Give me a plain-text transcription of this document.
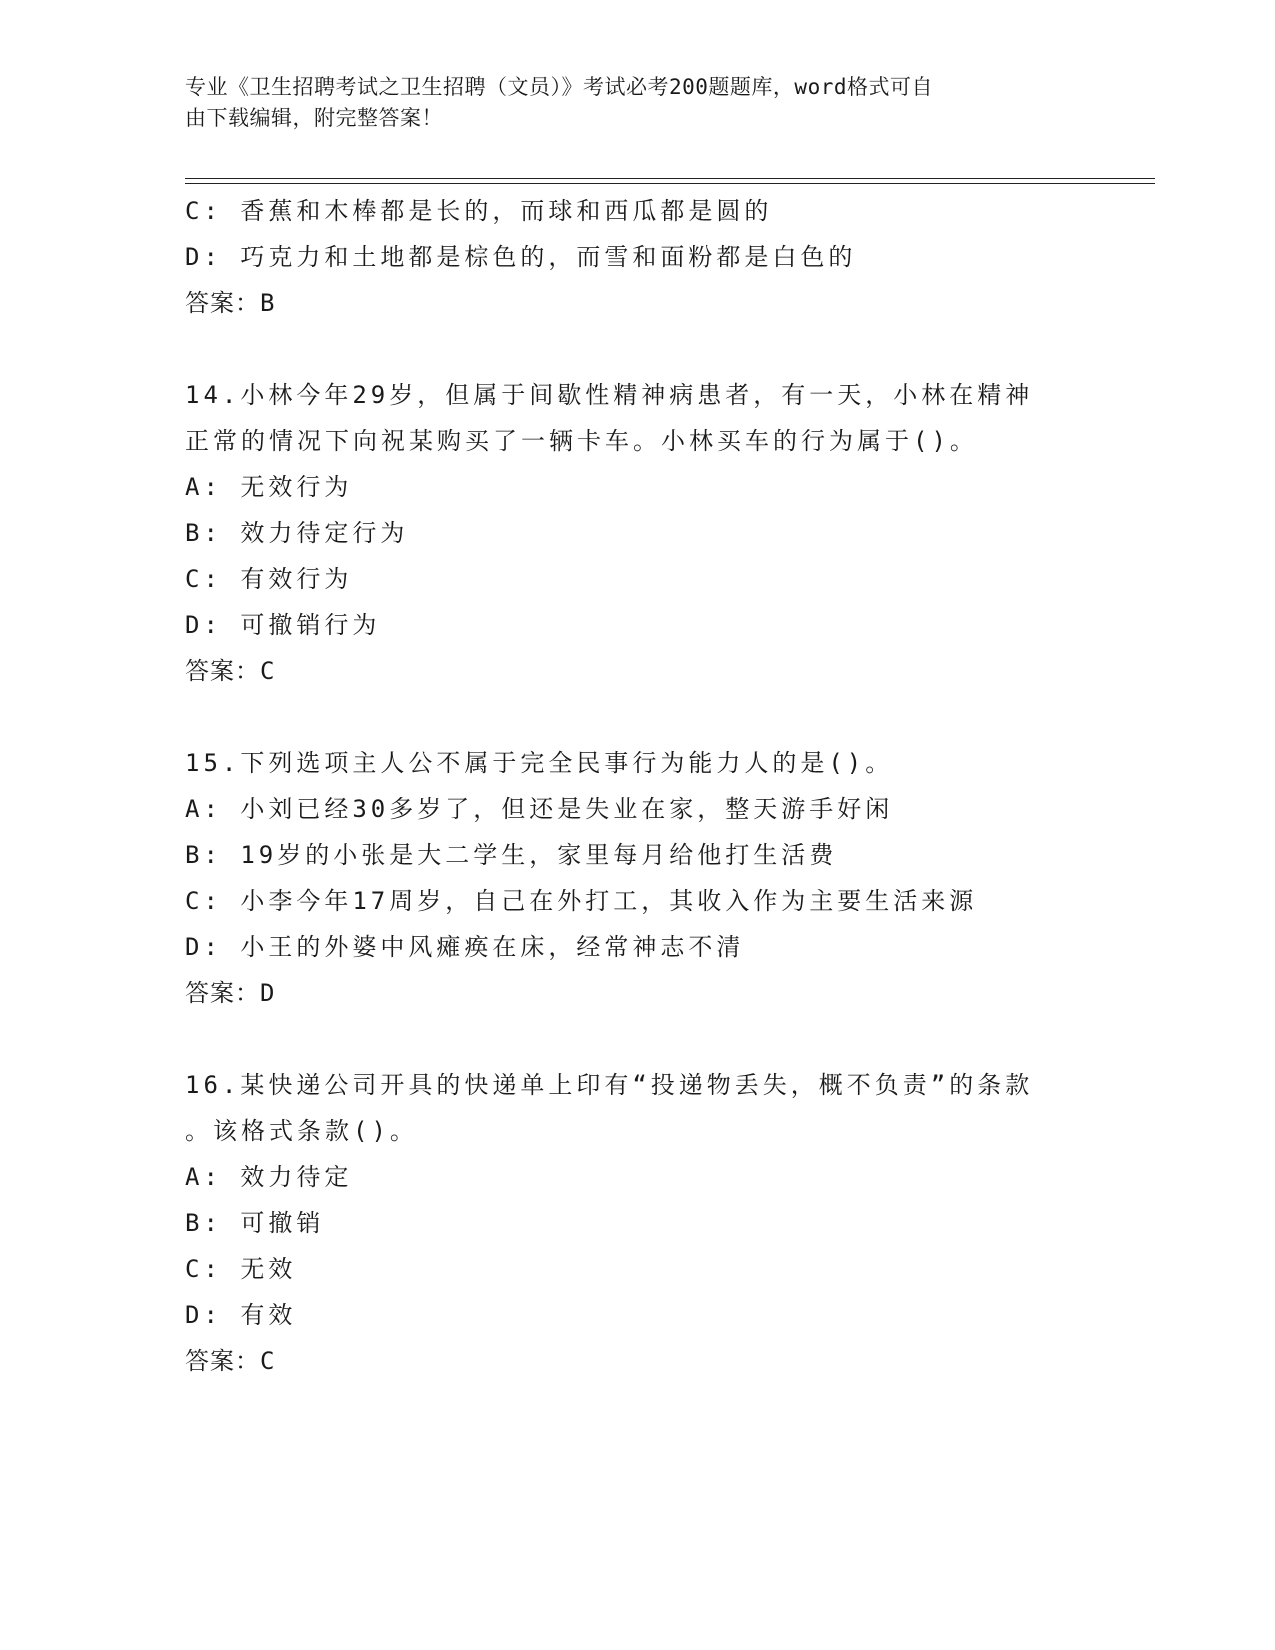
专业《卫生招聘考试之卫生招聘（文员）》考试必考200题题库，word格式可自
由下载编辑，附完整答案！
C: 香蕉和木棒都是长的，而球和西瓜都是圆的
D: 巧克力和土地都是棕色的，而雪和面粉都是白色的
答案：B
14.小林今年29岁，但属于间歇性精神病患者，有一天，小林在精神
正常的情况下向祝某购买了一辆卡车。小林买车的行为属于()。
A: 无效行为
B: 效力待定行为
C: 有效行为
D: 可撤销行为
答案：C
15.下列选项主人公不属于完全民事行为能力人的是()。
A: 小刘已经30多岁了，但还是失业在家，整天游手好闲
B: 19岁的小张是大二学生，家里每月给他打生活费
C: 小李今年17周岁，自己在外打工，其收入作为主要生活来源
D: 小王的外婆中风瘫痪在床，经常神志不清
答案：D
16.某快递公司开具的快递单上印有“投递物丢失，概不负责”的条款
。该格式条款()。
A: 效力待定
B: 可撤销
C: 无效
D: 有效
答案：C
